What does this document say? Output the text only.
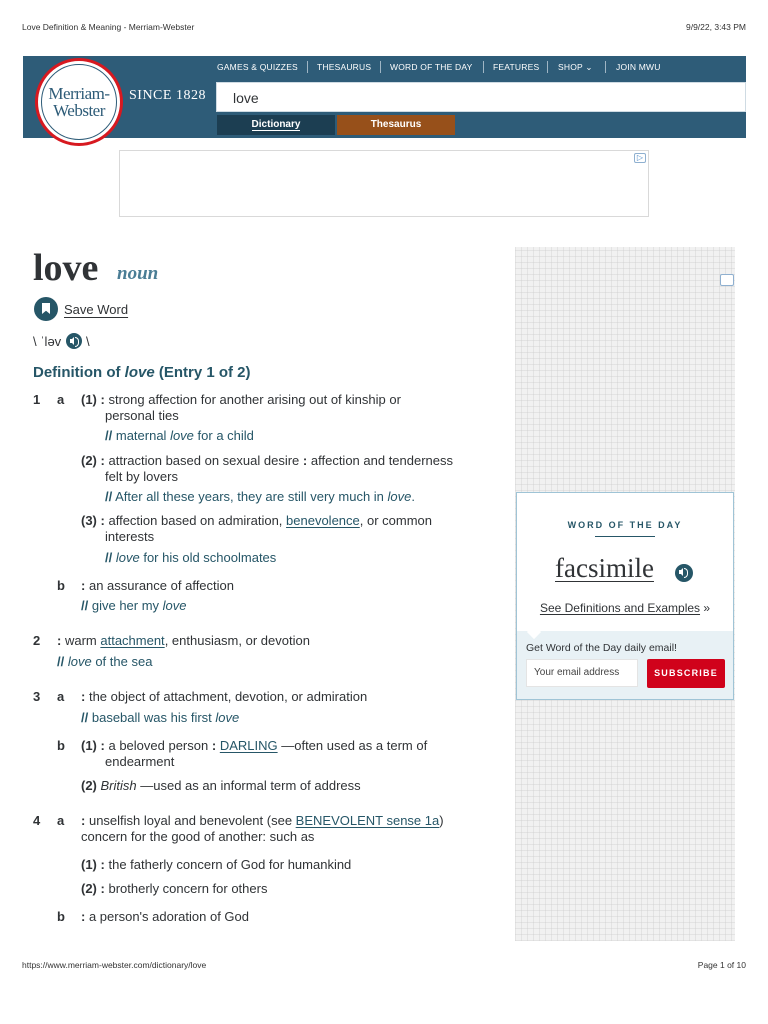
Love Definition & Meaning - Merriam-Webster	9/9/22, 3:43 PM
Merriam-
Webster
SINCE 1828
GAMES & QUIZZES THESAURUS WORD OF THE DAY FEATURES SHOP ⌄	JOIN MWU
love
Dictionary	Thesaurus
▷
love noun
Save Word
\ ˈləv \
Definition of love (Entry 1 of 2)
1 a (1) : strong affection for another arising out of kinship or
personal ties
// maternal love for a child
(2) : attraction based on sexual desire : affection and tenderness
felt by lovers
// After all these years, they are still very much in love.
(3) : affection based on admiration, benevolence, or common
interests
// love for his old schoolmates
b : an assurance of affection
// give her my love
2 : warm attachment, enthusiasm, or devotion
// love of the sea
3 a : the object of attachment, devotion, or admiration
// baseball was his first love
b (1) : a beloved person : DARLING —often used as a term of
endearment
(2) British —used as an informal term of address
4 a : unselfish loyal and benevolent (see BENEVOLENT sense 1a)
concern for the good of another: such as
(1) : the fatherly concern of God for humankind
(2) : brotherly concern for others
b : a person's adoration of God
WORD OF THE DAY
facsimile
See Definitions and Examples »
Get Word of the Day daily email!
Your email address	SUBSCRIBE
https://www.merriam-webster.com/dictionary/love	Page 1 of 10
